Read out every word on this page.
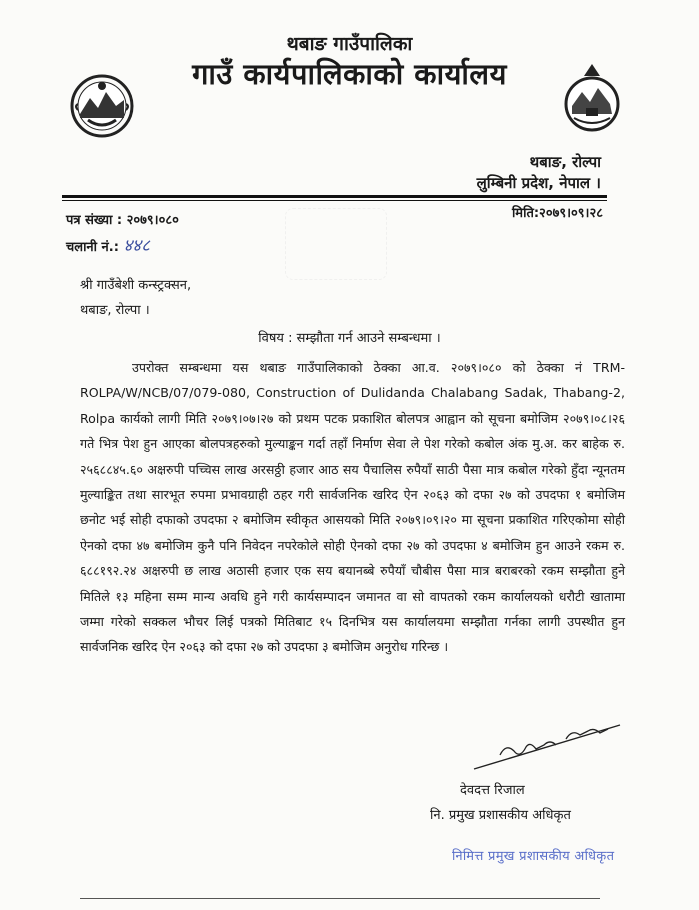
थबाङ गाउँपालिका
गाउँ कार्यपालिकाको कार्यालय
थबाङ, रोल्पा
लुम्बिनी प्रदेश, नेपाल ।
मिति:२०७९।०९।२८
पत्र संख्या : २०७९।०८०
चलानी नं.: ४४८
श्री गाउँबेशी कन्स्ट्रक्सन,
थबाङ, रोल्पा ।
विषय : सम्झौता गर्न आउने सम्बन्धमा ।
उपरोक्त सम्बन्धमा यस थबाङ गाउँपालिकाको ठेक्का आ.व. २०७९।०८० को ठेक्का नं TRM-ROLPA/W/NCB/07/079-080, Construction of Dulidanda Chalabang Sadak, Thabang-2, Rolpa कार्यको लागी मिति २०७९।०७।२७ को प्रथम पटक प्रकाशित बोलपत्र आह्वान को सूचना बमोजिम २०७९।०८।२६ गते भित्र पेश हुन आएका बोलपत्रहरुको मुल्याङ्कन गर्दा तहाँ निर्माण सेवा ले पेश गरेको कबोल अंक मु.अ. कर बाहेक रु. २५६८८४५.६० अक्षरुपी पच्चिस लाख अरसठ्ठी हजार आठ सय पैचालिस रुपैयाँ साठी पैसा मात्र कबोल गरेको हुँदा न्यूनतम मुल्याङ्कित तथा सारभूत रुपमा प्रभावग्राही ठहर गरी सार्वजनिक खरिद ऐन २०६३ को दफा २७ को उपदफा १ बमोजिम छनोट भई सोही दफाको उपदफा २ बमोजिम स्वीकृत आसयको मिति २०७९।०९।२० मा सूचना प्रकाशित गरिएकोमा सोही ऐनको दफा ४७ बमोजिम कुनै पनि निवेदन नपरेकोले सोही ऐनको दफा २७ को उपदफा ४ बमोजिम हुन आउने रकम रु. ६८८१९२.२४ अक्षरुपी छ लाख अठासी हजार एक सय बयानब्बे रुपैयाँ चौबीस पैसा मात्र बराबरको रकम सम्झौता हुने मितिले १३ महिना सम्म मान्य अवधि हुने गरी कार्यसम्पादन जमानत वा सो वापतको रकम कार्यालयको धरौटी खातामा जम्मा गरेको सक्कल भौचर लिई पत्रको मितिबाट १५ दिनभित्र यस कार्यालयमा सम्झौता गर्नका लागी उपस्थीत हुन सार्वजनिक खरिद ऐन २०६३ को दफा २७ को उपदफा ३ बमोजिम अनुरोध गरिन्छ ।
देवदत्त रिजाल
नि. प्रमुख प्रशासकीय अधिकृत
निमित्त प्रमुख प्रशासकीय अधिकृत
